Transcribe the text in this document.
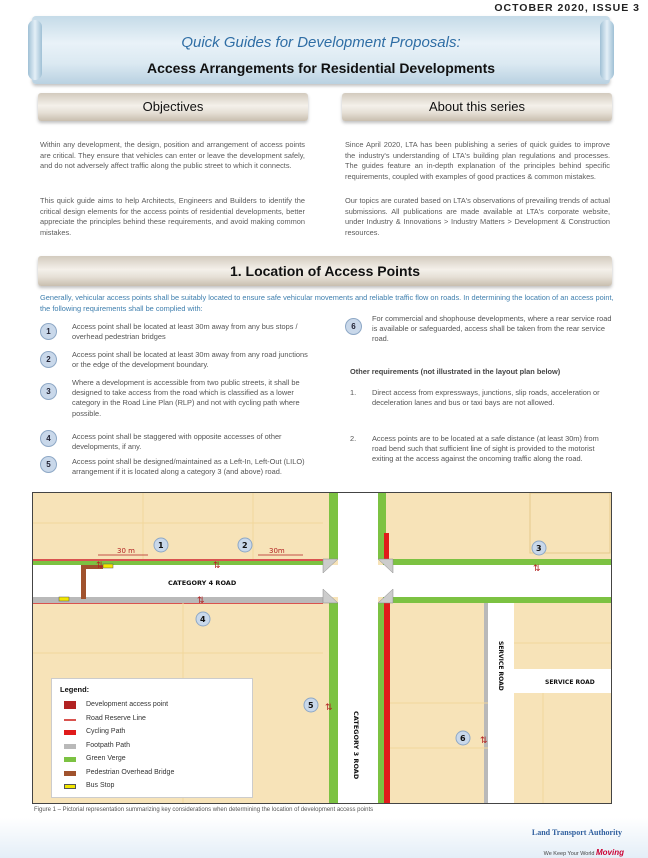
OCTOBER 2020, ISSUE 3
Quick Guides for Development Proposals:
Access Arrangements for Residential Developments
Objectives	About this series
Within any development, the design, position and arrangement of access points are critical. They ensure that vehicles can enter or leave the development safely, and do not adversely affect traffic along the public street to which it connects.
This quick guide aims to help Architects, Engineers and Builders to identify the critical design elements for the access points of residential developments, better appreciate the principles behind these requirements, and avoid making common mistakes.
Since April 2020, LTA has been publishing a series of quick guides to improve the industry's understanding of LTA's building plan regulations and processes. The guides feature an in-depth explanation of the principles behind specific requirements, coupled with examples of good practices & common mistakes.
Our topics are curated based on LTA's observations of prevailing trends of actual submissions. All publications are made available at LTA's corporate website, under Industry & Innovations > Industry Matters > Development & Construction resources.
1. Location of Access Points
Generally, vehicular access points shall be suitably located to ensure safe vehicular movements and reliable traffic flow on roads. In determining the location of an access point, the following requirements shall be complied with:
1
Access point shall be located at least 30m away from any bus stops / overhead pedestrian bridges
2
Access point shall be located at least 30m away from any road junctions or the edge of the development boundary.
3
Where a development is accessible from two public streets, it shall be designed to take access from the road which is classified as a lower category in the Road Line Plan (RLP) and not with cycling path where possible.
4	Access point shall be staggered with opposite accesses of other developments, if any.
5	Access point shall be designed/maintained as a Left-In, Left-Out (LILO) arrangement if it is located along a category 3 (and above) road.
6
For commercial and shophouse developments, where a rear service road is available or safeguarded, access shall be taken from the rear service road.
Other requirements (not illustrated in the layout plan below)
1.	Direct access from expressways, junctions, slip roads, acceleration or deceleration lanes and bus or taxi bays are not allowed.
2.	Access points are to be located at a safe distance (at least 30m) from road bend such that sufficient line of sight is provided to the motorist exiting at the access against the oncoming traffic along the road.
⇅	⇅	⇅
⇅
⇅
⇅
30 m	30m
CATEGORY 4 ROAD
CATEGORY 3 ROAD
SERVICE ROAD	SERVICE ROAD
1	2	3
4
5
6
Legend:
Development access point
Road Reserve Line
Cycling Path
Footpath Path
Green Verge
Pedestrian Overhead Bridge
Bus Stop
Figure 1 – Pictorial representation summarizing key considerations when determining the location of development access points
Land Transport Authority
We Keep Your World Moving
